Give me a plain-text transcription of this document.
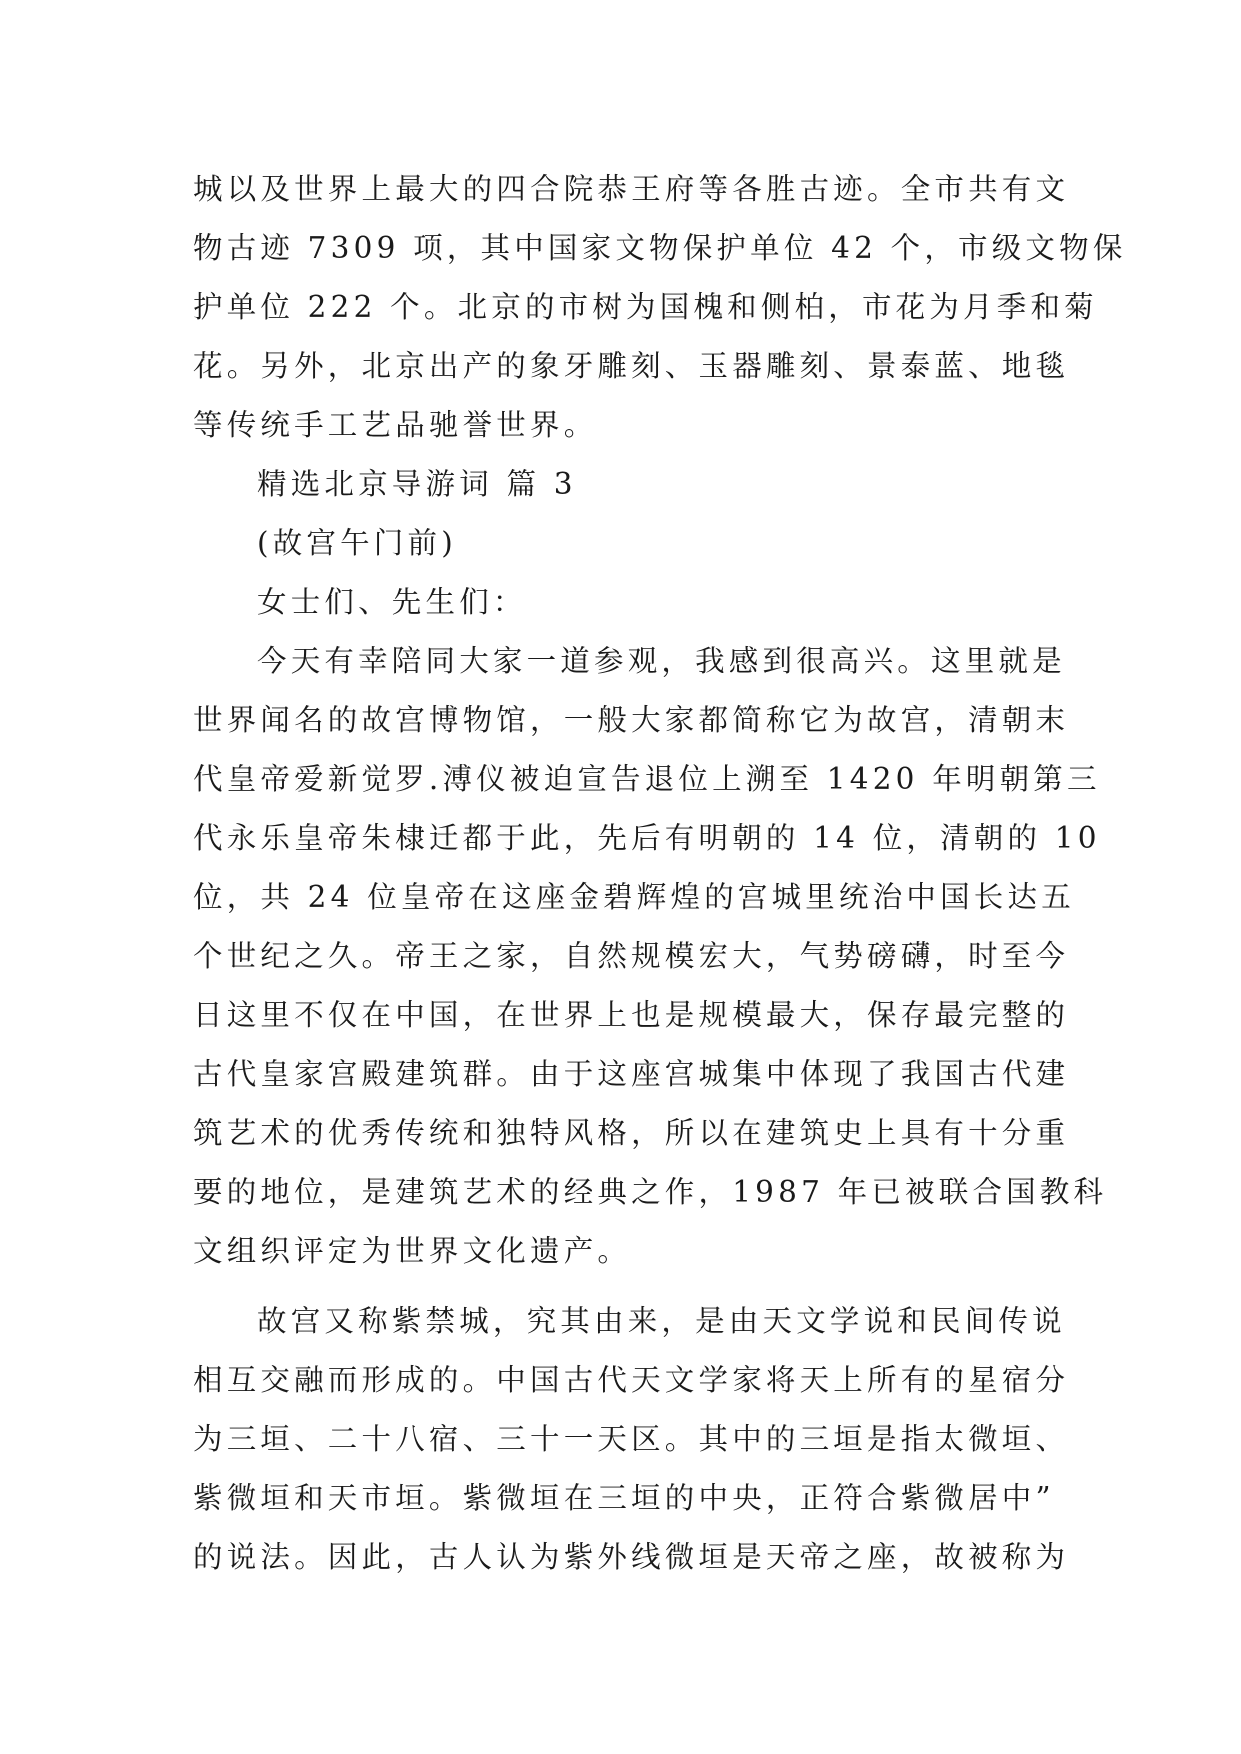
城以及世界上最大的四合院恭王府等各胜古迹。全市共有文
物古迹 7309 项，其中国家文物保护单位 42 个，市级文物保
护单位 222 个。北京的市树为国槐和侧柏，市花为月季和菊
花。另外，北京出产的象牙雕刻、玉器雕刻、景泰蓝、地毯
等传统手工艺品驰誉世界。
精选北京导游词 篇 3
(故宫午门前)
女士们、先生们：
今天有幸陪同大家一道参观，我感到很高兴。这里就是
世界闻名的故宫博物馆，一般大家都简称它为故宫，清朝末
代皇帝爱新觉罗.溥仪被迫宣告退位上溯至 1420 年明朝第三
代永乐皇帝朱棣迁都于此，先后有明朝的 14 位，清朝的 10
位，共 24 位皇帝在这座金碧辉煌的宫城里统治中国长达五
个世纪之久。帝王之家，自然规模宏大，气势磅礴，时至今
日这里不仅在中国，在世界上也是规模最大，保存最完整的
古代皇家宫殿建筑群。由于这座宫城集中体现了我国古代建
筑艺术的优秀传统和独特风格，所以在建筑史上具有十分重
要的地位，是建筑艺术的经典之作，1987 年已被联合国教科
文组织评定为世界文化遗产。
故宫又称紫禁城，究其由来，是由天文学说和民间传说
相互交融而形成的。中国古代天文学家将天上所有的星宿分
为三垣、二十八宿、三十一天区。其中的三垣是指太微垣、
紫微垣和天市垣。紫微垣在三垣的中央，正符合紫微居中”
的说法。因此，古人认为紫外线微垣是天帝之座，故被称为
